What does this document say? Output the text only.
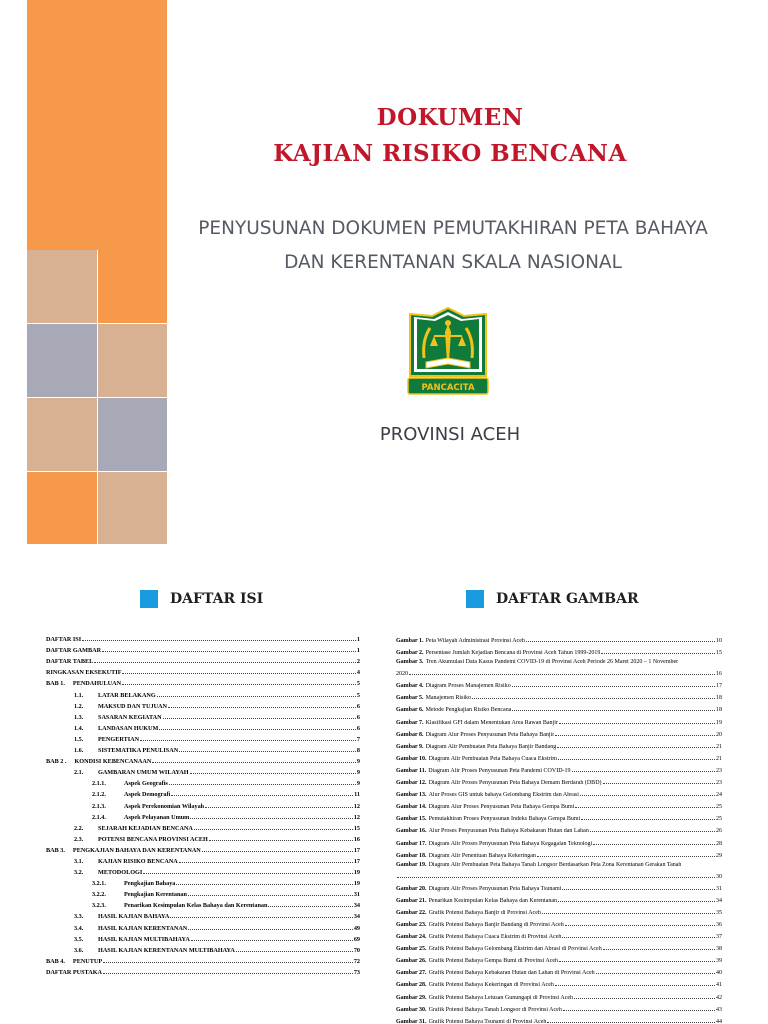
DOKUMEN
KAJIAN RISIKO BENCANA
PENYUSUNAN DOKUMEN PEMUTAKHIRAN PETA BAHAYA
DAN KERENTANAN SKALA NASIONAL
PANCACITA
PROVINSI ACEH
DAFTAR ISI	DAFTAR GAMBAR
DAFTAR ISI	1
DAFTAR GAMBAR	1
DAFTAR TABEL	2
RINGKASAN EKSEKUTIF	4
BAB 1. PENDAHULUAN	5
1.1.	LATAR BELAKANG	5
1.2.	MAKSUD DAN TUJUAN	6
1.3.	SASARAN KEGIATAN	6
1.4.	LANDASAN HUKUM	6
1.5.	PENGERTIAN	7
1.6.	SISTEMATIKA PENULISAN	8
BAB 2 . KONDISI KEBENCANAAN	9
2.1.	GAMBARAN UMUM WILAYAH	9
2.1.1.	Aspek Geografis	9
2.1.2.	Aspek Demografi	11
2.1.3.	Aspek Perekonomian Wilayah	12
2.1.4.	Aspek Pelayanan Umum	12
2.2.	SEJARAH KEJADIAN BENCANA	15
2.3.	POTENSI BENCANA PROVINSI ACEH	16
BAB 3. PENGKAJIAN BAHAYA DAN KERENTANAN	17
3.1.	KAJIAN RISIKO BENCANA	17
3.2.	METODOLOGI	19
3.2.1.	Pengkajian Bahaya	19
3.2.2.	Pengkajian Kerentanan	31
3.2.3.	Penarikan Kesimpulan Kelas Bahaya dan Kerentanan	34
3.3.	HASIL KAJIAN BAHAYA	34
3.4.	HASIL KAJIAN KERENTANAN	49
3.5.	HASIL KAJIAN MULTIBAHAYA	69
3.6.	HASIL KAJIAN KERENTANAN MULTIBAHAYA	70
BAB 4. PENUTUP	72
DAFTAR PUSTAKA	73
Gambar 1. Peta Wilayah Administrasi Provinsi Aceh	10
Gambar 2. Persentase Jumlah Kejadian Bencana di Provinsi Aceh Tahun 1999-2019	15
Gambar 3. Tren Akumulasi Data Kasus Pandemi COVID-19 di Provinsi Aceh Periode 26 Maret 2020 – 1 November
2020	16
Gambar 4. Diagram Proses Manajemen Risiko	17
Gambar 5. Manajemen Risiko	18
Gambar 6. Metode Pengkajian Risiko Bencana	18
Gambar 7. Klasifikasi GFI dalam Menentukan Area Rawan Banjir	19
Gambar 8. Diagram Alur Proses Penyusunan Peta Bahaya Banjir	20
Gambar 9. Diagram Alir Pembuatan Peta Bahaya Banjir Bandang	21
Gambar 10. Diagram Alir Pembuatan Peta Bahaya Cuaca Ekstrim	21
Gambar 11. Diagram Alir Proses Penyusunan Peta Pandemi COVID-19	23
Gambar 12. Diagram Alir Proses Penyusunan Peta Bahaya Demam Berdarah (DBD)	23
Gambar 13. Alur Proses GIS untuk bahaya Gelombang Ekstrim dan Abrasi	24
Gambar 14. Diagram Alur Proses Penyusunan Peta Bahaya Gempa Bumi	25
Gambar 15. Pemutakhiran Proses Penyusunan Indeks Bahaya Gempa Bumi	25
Gambar 16. Alur Proses Penyusunan Peta Bahaya Kebakaran Hutan dan Lahan	26
Gambar 17. Diagram Alir Proses Penyusunan Peta Bahaya Kegagalan Teknologi	28
Gambar 18. Diagram Alir Penentuan Bahaya Kekeringan	29
Gambar 19. Diagram Alir Pembuatan Peta Bahaya Tanah Longsor Berdasarkan Peta Zona Kerentanan Gerakan Tanah
30
Gambar 20. Diagram Alir Proses Penyusunan Peta Bahaya Tsunami	31
Gambar 21. Penarikan Kesimpulan Kelas Bahaya dan Kerentanan	34
Gambar 22. Grafik Potensi Bahaya Banjir di Provinsi Aceh	35
Gambar 23. Grafik Potensi Bahaya Banjir Bandang di Provinsi Aceh	36
Gambar 24. Grafik Potensi Bahaya Cuaca Ekstrim di Provinsi Aceh	37
Gambar 25. Grafik Potensi Bahaya Gelombang Ekstrim dan Abrasi di Provinsi Aceh	38
Gambar 26. Grafik Potensi Bahaya Gempa Bumi di Provinsi Aceh	39
Gambar 27. Grafik Potensi Bahaya Kebakaran Hutan dan Lahan di Provinsi Aceh	40
Gambar 28. Grafik Potensi Bahaya Kekeringan di Provinsi Aceh	41
Gambar 29. Grafik Potensi Bahaya Letusan Gunungapi di Provinsi Aceh	42
Gambar 30. Grafik Potensi Bahaya Tanah Longsor di Provinsi Aceh	43
Gambar 31. Grafik Potensi Bahaya Tsunami di Provinsi Aceh	44
